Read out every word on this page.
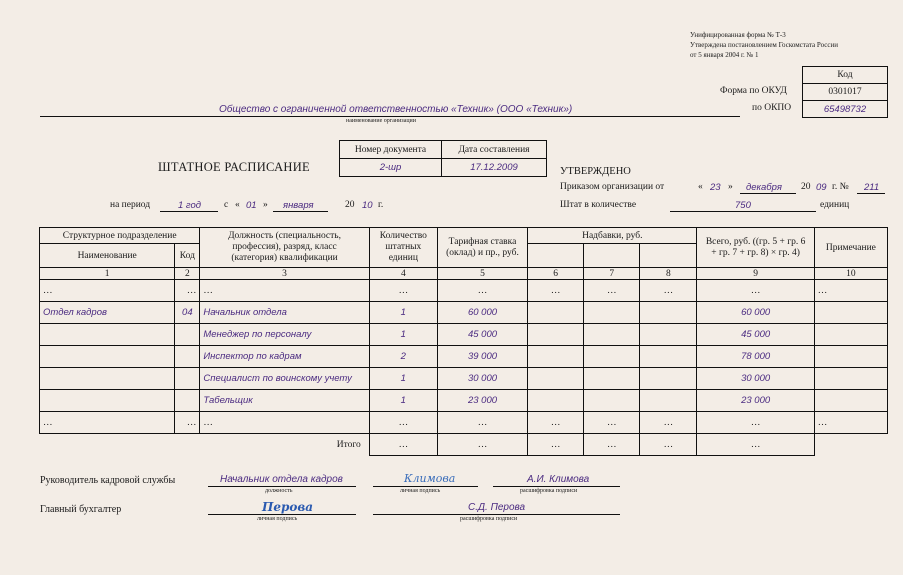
Унифицированная форма № Т-3
Утверждена постановлением Госкомстата России
от 5 января 2004 г. № 1
Код
0301017
65498732
Форма по ОКУД
по ОКПО
Общество с ограниченной ответственностью «Техник» (ООО «Техник»)
наименование организации
ШТАТНОЕ РАСПИСАНИЕ
Номер документа	Дата составления
2-шр	17.12.2009	УТВЕРЖДЕНО
Приказом организации от	« 23 » декабря 20 09 г. № 211
Штат в количестве	750	единиц
на период	1 год с « 01 » января	20 10 г.
Структурное подразделение		Должность (специальность, профессия), разряд, класс (категория) квалификации	Количество штатных единиц	Тарифная ставка (оклад) и пр., руб.	Надбавки, руб.			Всего, руб. ((гр. 5 + гр. 6 + гр. 7 + гр. 8) × гр. 4)	Примечание
Наименование	Код								
1	2	3	4	5	6	7	8	9	10
…	…	…	…	…	…	…	…	…	…
Отдел кадров	04	Начальник отдела	1	60 000				60 000	
		Менеджер по персоналу	1	45 000				45 000	
		Инспектор по кадрам	2	39 000				78 000	
		Специалист по воинскому учету	1	30 000				30 000	
		Табельщик	1	23 000				23 000	
…	…	…	…	…	…	…	…	…	…
Итого			…	…	…	…	…	…	
Руководитель кадровой службы	Начальник отдела кадров
должность
Климова
личная подпись
А.И. Климова
расшифровка подписи
Главный бухгалтер	Перова
личная подпись
С.Д. Перова
расшифровка подписи
